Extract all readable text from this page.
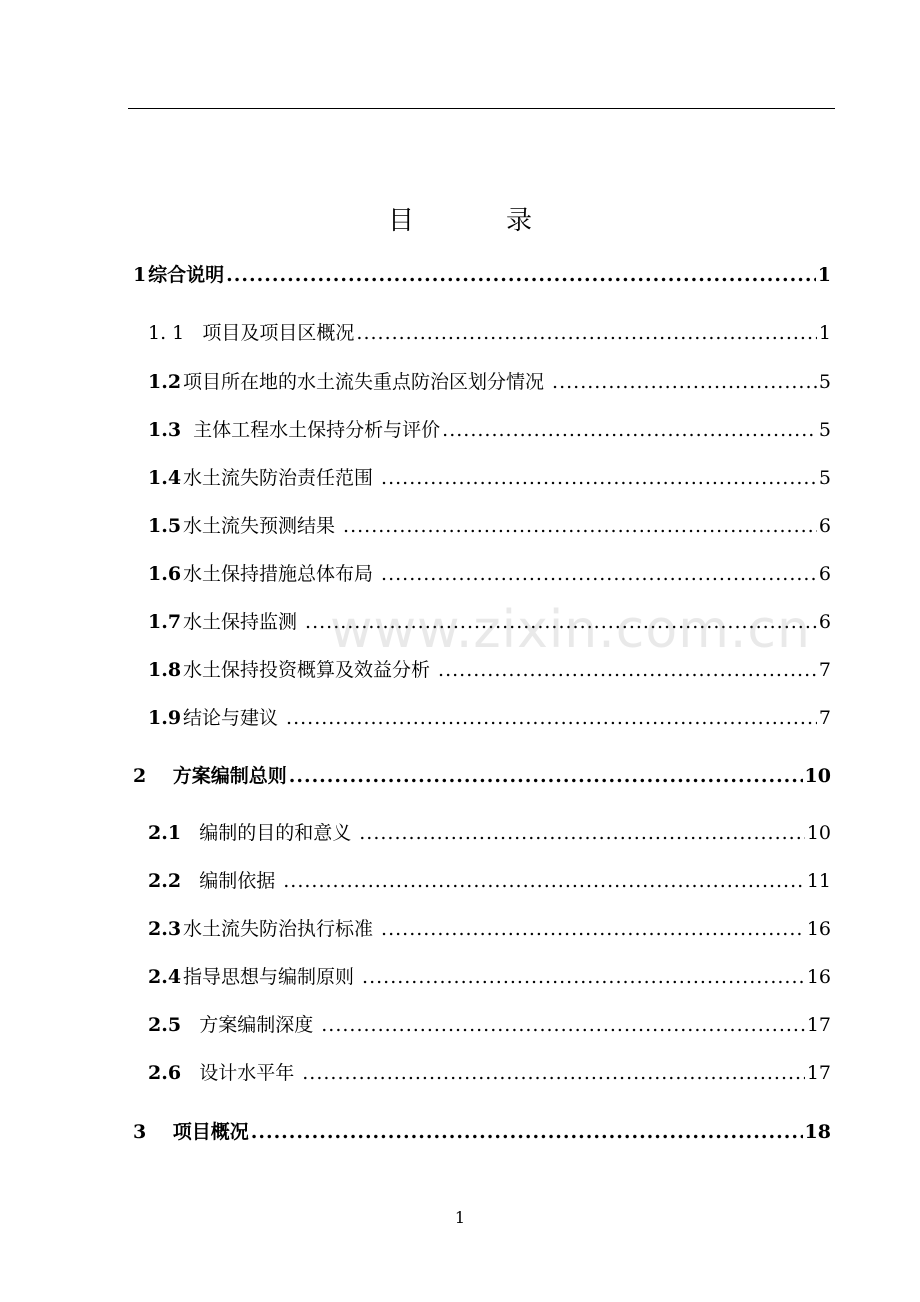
目	录
1  综合说明 .....	1
1. 1 项目及项目区概况 .....	1
1.2  项目所在地的水土流失重点防治区划分情况 .....	5
1.3 主体工程水土保持分析与评价 .....	5
1.4  水土流失防治责任范围 .....	5
1.5  水土流失预测结果 .....	6
1.6  水土保持措施总体布局 .....	6
1.7  水土保持监测 .....	6
1.8  水土保持投资概算及效益分析 .....	7
1.9  结论与建议 .....	7
2 方案编制总则 .....	10
2.1 编制的目的和意义 .....	10
2.2 编制依据 .....	11
2.3  水土流失防治执行标准 .....	16
2.4  指导思想与编制原则 .....	16
2.5 方案编制深度 .....	17
2.6 设计水平年 .....	17
3 项目概况 .....	18
www.zixin.com.cn
1
